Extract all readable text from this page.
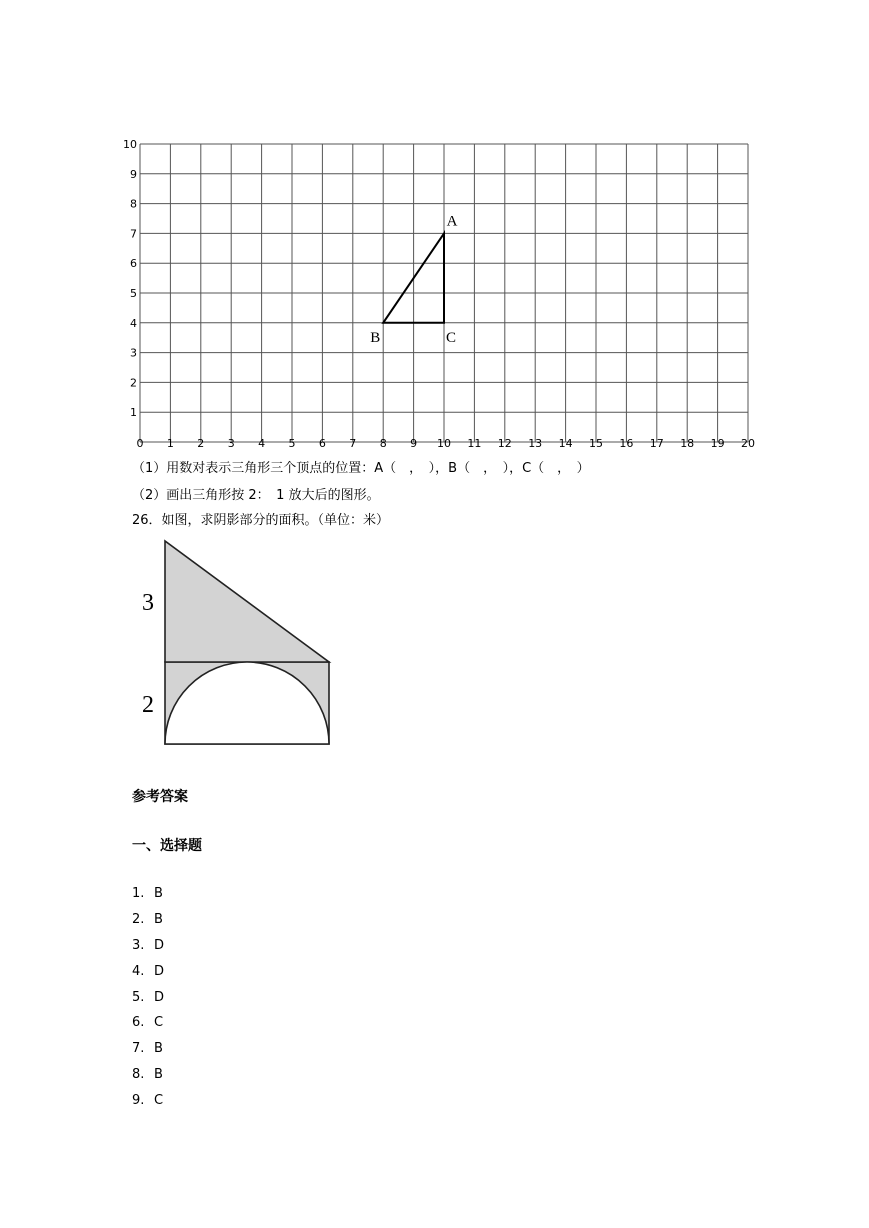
0 1 2 3 4 5 6 7 8 9 10 11 12 13 14 15 16 17 18 19 20
1
2
3
4
5
6
7
8
9
10
A
B	C
（1）用数对表示三角形三个顶点的位置：A（　，　），B（　，　），C（　，　）
（2）画出三角形按 2：　1 放大后的图形。
26．如图，求阴影部分的面积。（单位：米）
3
2
参考答案
一、选择题
1. B
2. B
3. D
4. D
5. D
6. C
7. B
8. B
9. C
